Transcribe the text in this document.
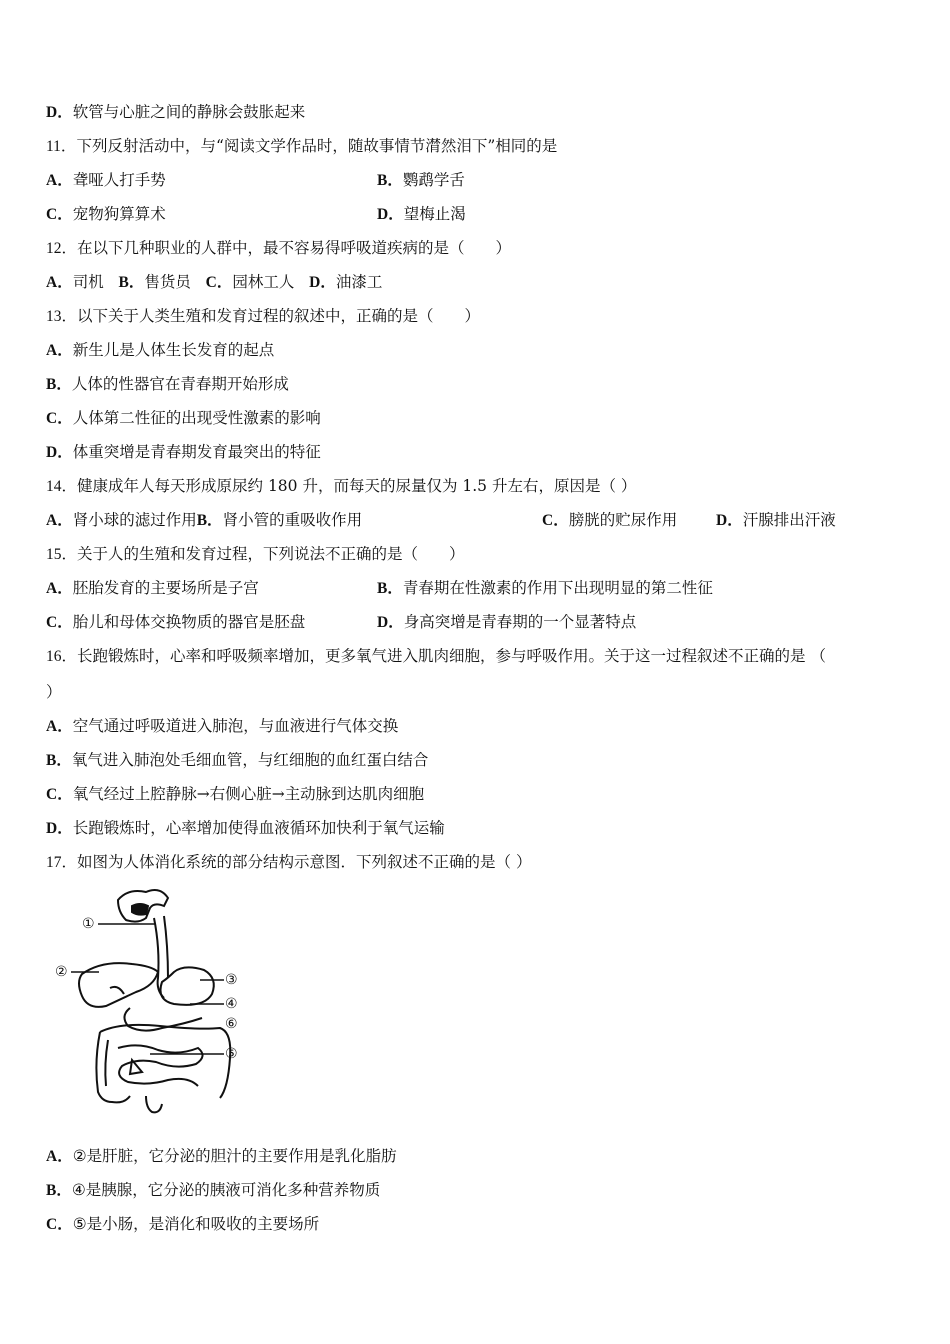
D．软管与心脏之间的静脉会鼓胀起来
11．下列反射活动中，与“阅读文学作品时，随故事情节潸然泪下”相同的是
A．聋哑人打手势	B．鹦鹉学舌
C．宠物狗算算术	D．望梅止渴
12．在以下几种职业的人群中，最不容易得呼吸道疾病的是（　　）
A．司机 B．售货员 C．园林工人 D．油漆工
13．以下关于人类生殖和发育过程的叙述中，正确的是（　　）
A．新生儿是人体生长发育的起点
B．人体的性器官在青春期开始形成
C．人体第二性征的出现受性激素的影响
D．体重突增是青春期发育最突出的特征
14．健康成年人每天形成原尿约 180 升，而每天的尿量仅为 1.5 升左右，原因是（ ）
A．肾小球的滤过作用B．肾小管的重吸收作用	C．膀胱的贮尿作用	D．汗腺排出汗液
15．关于人的生殖和发育过程，下列说法不正确的是（　　）
A．胚胎发育的主要场所是子宫	B．青春期在性激素的作用下出现明显的第二性征
C．胎儿和母体交换物质的器官是胚盘	D．身高突增是青春期的一个显著特点
16．长跑锻炼时，心率和呼吸频率增加，更多氧气进入肌肉细胞，参与呼吸作用。关于这一过程叙述不正确的是 （
）
A．空气通过呼吸道进入肺泡，与血液进行气体交换
B．氧气进入肺泡处毛细血管，与红细胞的血红蛋白结合
C．氧气经过上腔静脉→右侧心脏→主动脉到达肌肉细胞
D．长跑锻炼时，心率增加使得血液循环加快利于氧气运输
17．如图为人体消化系统的部分结构示意图．下列叙述不正确的是（ ）
①
②	③
④
⑥
⑤
A．②是肝脏，它分泌的胆汁的主要作用是乳化脂肪
B．④是胰腺，它分泌的胰液可消化多种营养物质
C．⑤是小肠，是消化和吸收的主要场所
